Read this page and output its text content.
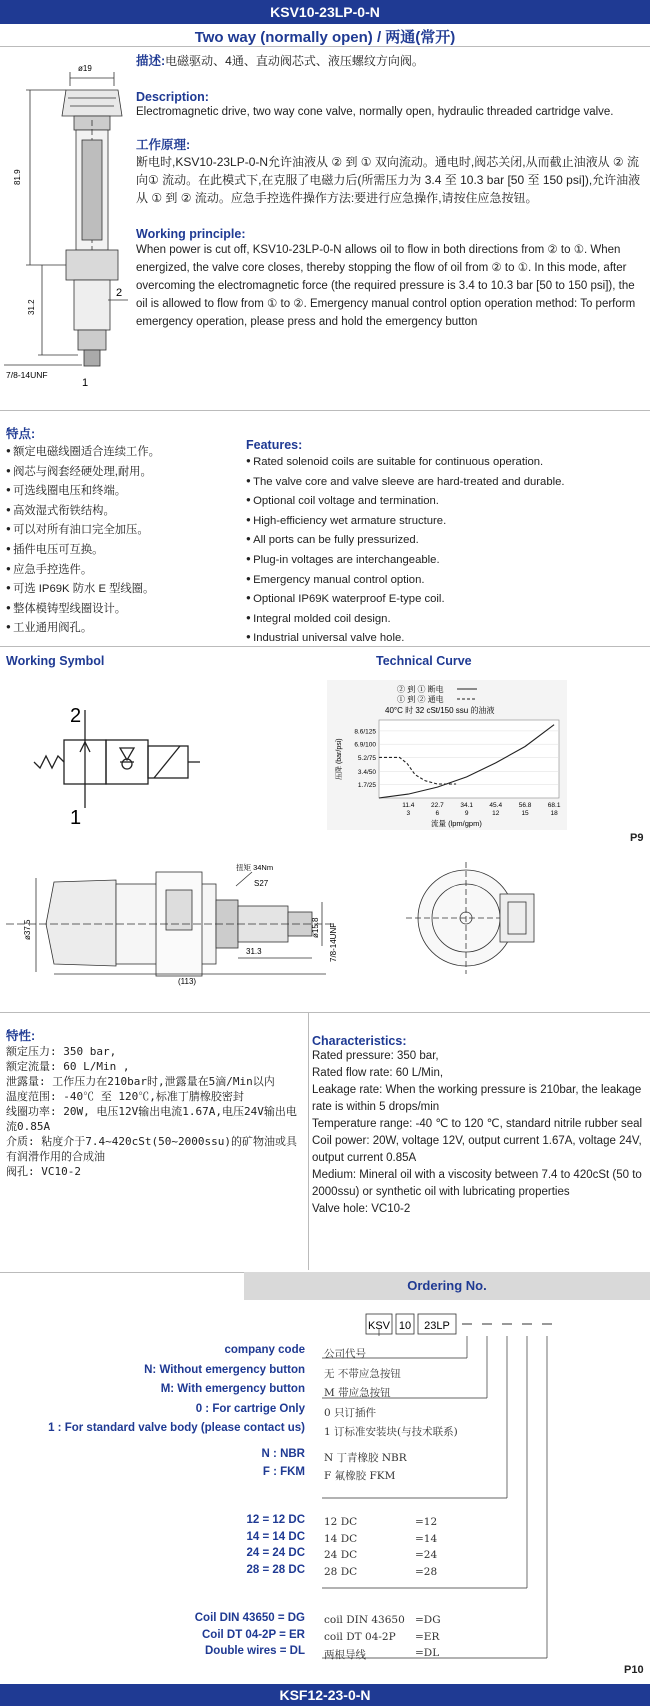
KSV10-23LP-0-N
Two way (normally open) / 两通(常开)
ø19
81.9
31.2
7/8-14UNF
2
1
描述:电磁驱动、4通、直动阀芯式、液压螺纹方向阀。
Description:
Electromagnetic drive, two way cone valve, normally open, hydraulic threaded cartridge valve.
工作原理:
断电时,KSV10-23LP-0-N允许油液从 ② 到 ① 双向流动。通电时,阀芯关闭,从而截止油液从 ② 流向① 流动。在此模式下,在克服了电磁力后(所需压力为 3.4 至 10.3 bar [50 至 150 psi]),允许油液从 ① 到 ② 流动。应急手控选件操作方法:要进行应急操作,请按住应急按钮。
Working principle:
When power is cut off, KSV10-23LP-0-N allows oil to flow in both directions from ② to ①. When energized, the valve core closes, thereby stopping the flow of oil from ② to ①. In this mode, after overcoming the electromagnetic force (the required pressure is 3.4 to 10.3 bar [50 to 150 psi]), the oil is allowed to flow from ① to ②. Emergency manual control option operation method: To perform emergency operation, please press and hold the emergency button
特点:
● 额定电磁线圈适合连续工作。
● 阀芯与阀套经硬处理,耐用。
● 可选线圈电压和终端。
● 高效湿式衔铁结构。
● 可以对所有油口完全加压。
● 插件电压可互换。
● 应急手控选件。
● 可选 IP69K 防水 E 型线圈。
● 整体模铸型线圈设计。
● 工业通用阀孔。
Features:
● Rated solenoid coils are suitable for continuous operation.
● The valve core and valve sleeve are hard-treated and durable.
● Optional coil voltage and termination.
● High-efficiency wet armature structure.
● All ports can be fully pressurized.
● Plug-in voltages are interchangeable.
● Emergency manual control option.
● Optional IP69K waterproof E-type coil.
● Integral molded coil design.
● Industrial universal valve hole.
Working Symbol
2
1
Technical Curve
② 到 ① 断电
① 到 ② 通电
40°C 时 32 cSt/150 ssu 的油液
压降 (bar/psi)
流量 (lpm/gpm)
8.6/125
6.9/100
5.2/75
3.4/50
1.7/25
11.4
3
22.7
6
34.1
9
45.4
12
56.8
15
68.1
18
P9
扭矩 34Nm
S27
ø37.5	ø15.8 7/8-14UNF
31.3
(113)
特性:
额定压力: 350 bar,
额定流量: 60 L/Min ,
泄露量: 工作压力在210bar时,泄露量在5滴/Min以内
温度范围: -40℃ 至 120℃,标准丁腈橡胶密封
线圈功率: 20W, 电压12V输出电流1.67A,电压24V输出电流0.85A
介质: 粘度介于7.4~420cSt(50~2000ssu)的矿物油或具有润滑作用的合成油
阀孔: VC10-2
Characteristics:
Rated pressure: 350 bar,
Rated flow rate: 60 L/Min,
Leakage rate: When the working pressure is 210bar, the leakage rate is within 5 drops/min
Temperature range: -40 ℃ to 120 ℃, standard nitrile rubber seal
Coil power: 20W, voltage 12V, output current 1.67A, voltage 24V, output current 0.85A
Medium: Mineral oil with a viscosity between 7.4 to 420cSt (50 to 2000ssu) or synthetic oil with lubricating properties
Valve hole: VC10-2
Ordering No.
KSV 10 23LP
company code
N: Without emergency button
M: With emergency button
0 : For cartrige Only
1 : For standard valve body (please contact us)
N : NBR
F : FKM
12 = 12 DC
14 = 14 DC
24 = 24 DC
28 = 28 DC
Coil DIN 43650 = DG
Coil DT 04-2P = ER
Double wires = DL
公司代号
无 不带应急按钮
M 带应急按钮
0 只订插件
1 订标准安装块(与技术联系)
N 丁青橡胶 NBR
F 氟橡胶 FKM
12 DC
14 DC
24 DC
28 DC
=12
=14
=24
=28
coil DIN 43650
coil DT 04-2P
两根导线
=DG
=ER
=DL
P10
KSF12-23-0-N
